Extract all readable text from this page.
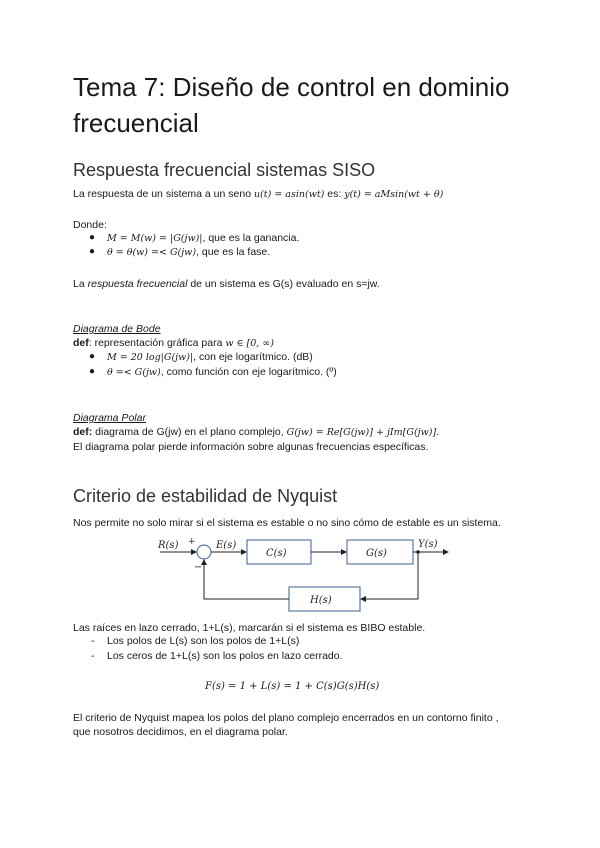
Tema 7: Diseño de control en dominio
frecuencial
Respuesta frecuencial sistemas SISO
La respuesta de un sistema a un seno u(t) = asin(wt) es: y(t) = aMsin(wt + θ)
Donde:
● M = M(w) = |G(jw)|, que es la ganancia.
● θ = θ(w) =< G(jw), que es la fase.
La respuesta frecuencial de un sistema es G(s) evaluado en s=jw.
Diagrama de Bode
def: representación gráfica para w ∈ [0, ∞)
● M = 20 log|G(jw)|, con eje logarítmico. (dB)
● θ =< G(jw), como función con eje logarítmico. (º)
Diagrama Polar
def: diagrama de G(jw) en el plano complejo, G(jw) = Re[G(jw)] + jIm[G(jw)].
El diagrama polar pierde información sobre algunas frecuencias específicas.
Criterio de estabilidad de Nyquist
Nos permite no solo mirar si el sistema es estable o no sino cómo de estable es un sistema.
R(s) +
−
E(s)
C(s)	G(s)
Y(s)
H(s)
Las raíces en lazo cerrado, 1+L(s), marcarán si el sistema es BIBO estable.
- Los polos de L(s) son los polos de 1+L(s)
- Los ceros de 1+L(s) son los polos en lazo cerrado.
F(s) = 1 + L(s) = 1 + C(s)G(s)H(s)
El criterio de Nyquist mapea los polos del plano complejo encerrados en un contorno finito ,
que nosotros decidimos, en el diagrama polar.
